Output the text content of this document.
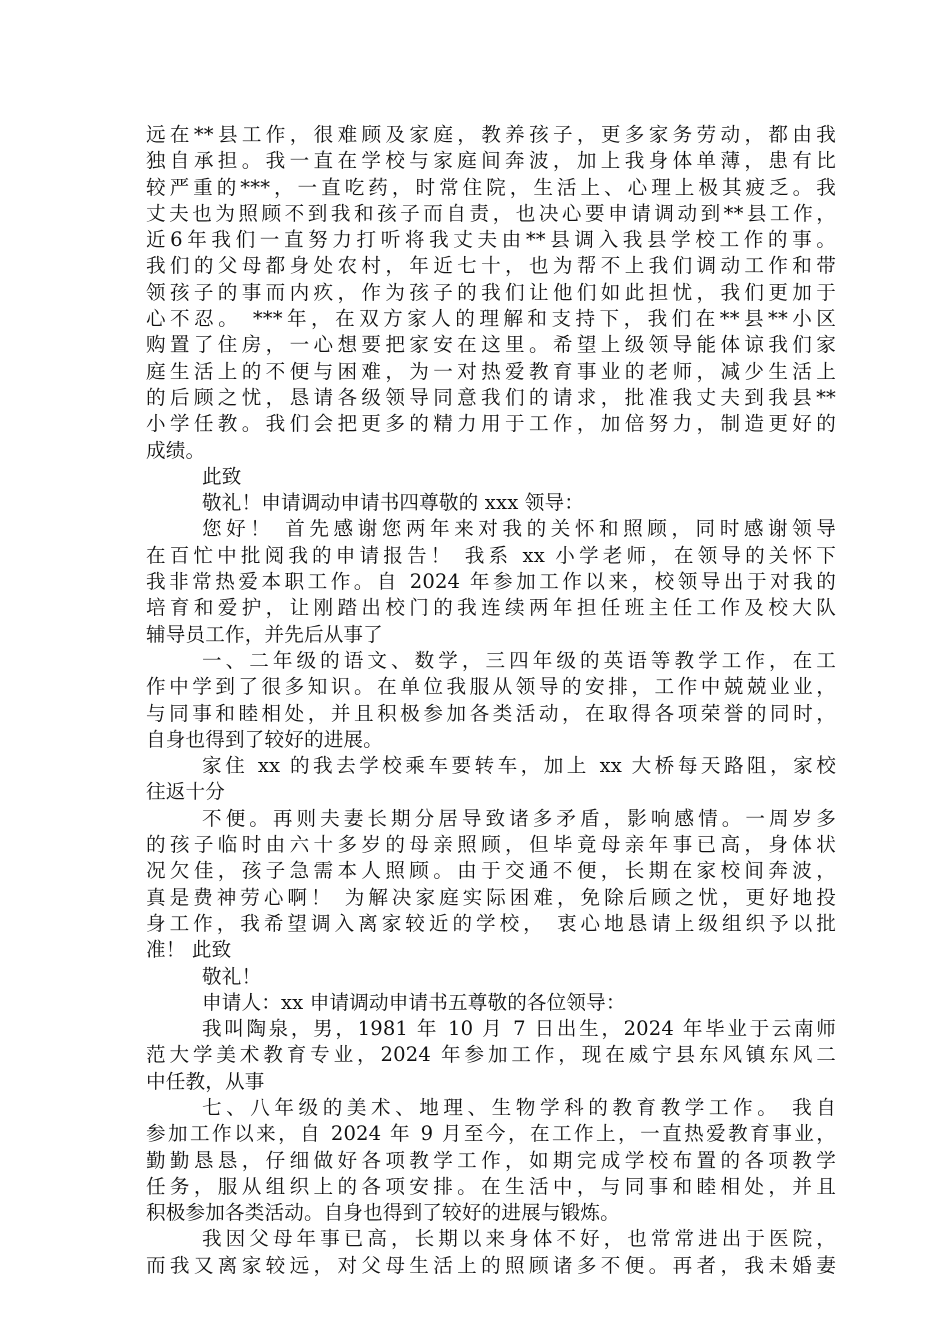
远在**县工作，很难顾及家庭，教养孩子，更多家务劳动，都由我
独自承担。我一直在学校与家庭间奔波，加上我身体单薄，患有比
较严重的***，一直吃药，时常住院，生活上、心理上极其疲乏。我
丈夫也为照顾不到我和孩子而自责，也决心要申请调动到**县工作，
近6年我们一直努力打听将我丈夫由**县调入我县学校工作的事。
我们的父母都身处农村，年近七十，也为帮不上我们调动工作和带
领孩子的事而内疚，作为孩子的我们让他们如此担忧，我们更加于
心不忍。 ***年，在双方家人的理解和支持下，我们在**县**小区
购置了住房，一心想要把家安在这里。希望上级领导能体谅我们家
庭生活上的不便与困难，为一对热爱教育事业的老师，减少生活上
的后顾之忧，恳请各级领导同意我们的请求，批准我丈夫到我县**
小学任教。我们会把更多的精力用于工作，加倍努力，制造更好的
成绩。
此致
敬礼！申请调动申请书四尊敬的 xxx 领导：
您好！ 首先感谢您两年来对我的关怀和照顾，同时感谢领导
在百忙中批阅我的申请报告！ 我系 xx 小学老师，在领导的关怀下
我非常热爱本职工作。自 2024 年参加工作以来，校领导出于对我的
培育和爱护，让刚踏出校门的我连续两年担任班主任工作及校大队
辅导员工作，并先后从事了
一、二年级的语文、数学，三四年级的英语等教学工作，在工
作中学到了很多知识。在单位我服从领导的安排，工作中兢兢业业，
与同事和睦相处，并且积极参加各类活动，在取得各项荣誉的同时，
自身也得到了较好的进展。
家住 xx 的我去学校乘车要转车，加上 xx 大桥每天路阻，家校
往返十分
不便。再则夫妻长期分居导致诸多矛盾，影响感情。一周岁多
的孩子临时由六十多岁的母亲照顾，但毕竟母亲年事已高，身体状
况欠佳，孩子急需本人照顾。由于交通不便，长期在家校间奔波，
真是费神劳心啊！ 为解决家庭实际困难，免除后顾之忧，更好地投
身工作，我希望调入离家较近的学校， 衷心地恳请上级组织予以批
准！ 此致
敬礼！
申请人：xx 申请调动申请书五尊敬的各位领导：
我叫陶泉，男，1981 年 10 月 7 日出生，2024 年毕业于云南师
范大学美术教育专业，2024 年参加工作，现在威宁县东风镇东风二
中任教，从事
七、八年级的美术、地理、生物学科的教育教学工作。 我自
参加工作以来，自 2024 年 9 月至今，在工作上，一直热爱教育事业，
勤勤恳恳，仔细做好各项教学工作，如期完成学校布置的各项教学
任务，服从组织上的各项安排。在生活中，与同事和睦相处，并且
积极参加各类活动。自身也得到了较好的进展与锻炼。
我因父母年事已高，长期以来身体不好，也常常进出于医院，
而我又离家较远，对父母生活上的照顾诸多不便。再者，我未婚妻
